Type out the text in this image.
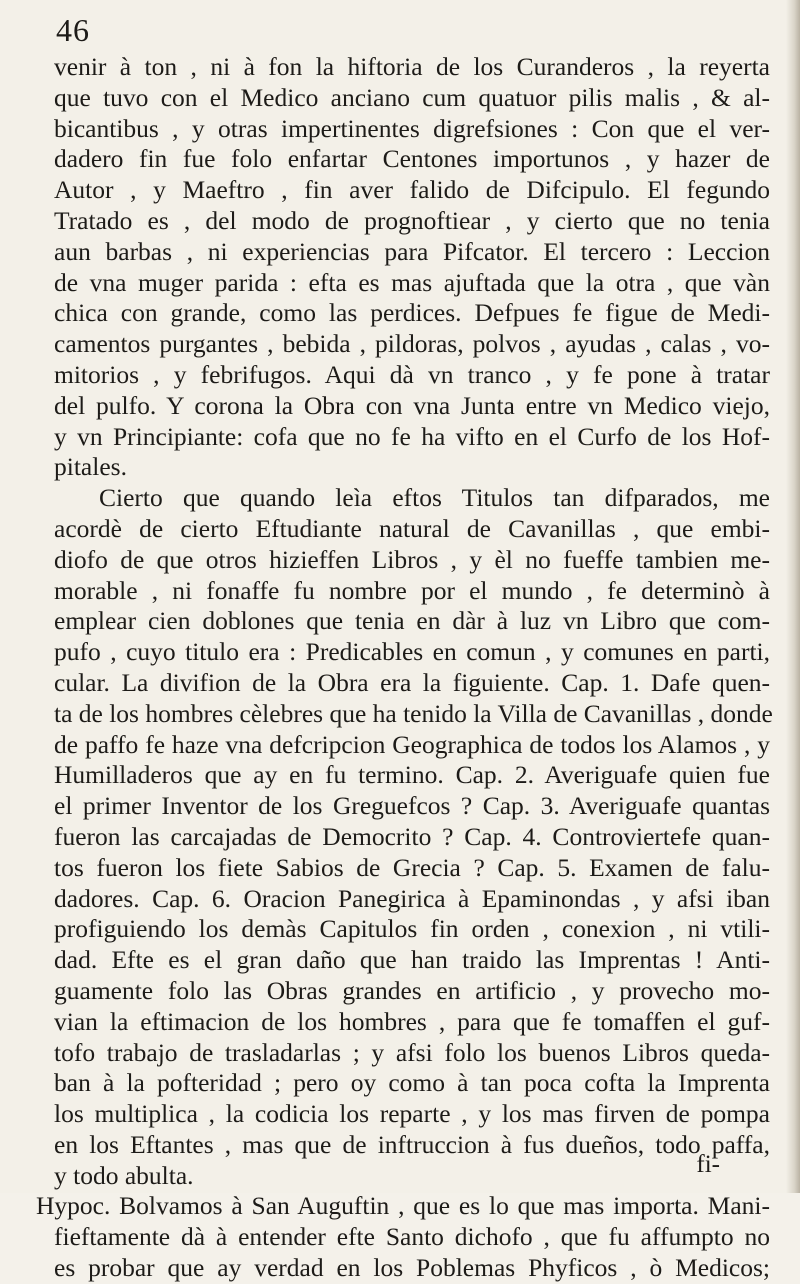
46
venir à ton , ni à fon la hiftoria de los Curanderos , la reyerta
que tuvo con el Medico anciano cum quatuor pilis malis , & al-
bicantibus , y otras impertinentes digrefsiones : Con que el ver-
dadero fin fue folo enfartar Centones importunos , y hazer de
Autor , y Maeftro , fin aver falido de Difcipulo. El fegundo
Tratado es , del modo de prognoftiear , y cierto que no tenia
aun barbas , ni experiencias para Pifcator. El tercero : Leccion
de vna muger parida : efta es mas ajuftada que la otra , que vàn
chica con grande, como las perdices. Defpues fe figue de Medi-
camentos purgantes , bebida , pildoras, polvos , ayudas , calas , vo-
mitorios , y febrifugos. Aqui dà vn tranco , y fe pone à tratar
del pulfo. Y corona la Obra con vna Junta entre vn Medico viejo,
y vn Principiante: cofa que no fe ha vifto en el Curfo de los Hof-
pitales.
Cierto que quando leìa eftos Titulos tan difparados, me
acordè de cierto Eftudiante natural de Cavanillas , que embi-
diofo de que otros hizieffen Libros , y èl no fueffe tambien me-
morable , ni fonaffe fu nombre por el mundo , fe determinò à
emplear cien doblones que tenia en dàr à luz vn Libro que com-
pufo , cuyo titulo era : Predicables en comun , y comunes en parti,
cular. La divifion de la Obra era la figuiente. Cap. 1. Dafe quen-
ta de los hombres cèlebres que ha tenido la Villa de Cavanillas , donde
de paffo fe haze vna defcripcion Geographica de todos los Alamos , y
Humilladeros que ay en fu termino. Cap. 2. Averiguafe quien fue
el primer Inventor de los Greguefcos ? Cap. 3. Averiguafe quantas
fueron las carcajadas de Democrito ? Cap. 4. Controviertefe quan-
tos fueron los fiete Sabios de Grecia ? Cap. 5. Examen de falu-
dadores. Cap. 6. Oracion Panegirica à Epaminondas , y afsi iban
profiguiendo los demàs Capitulos fin orden , conexion , ni vtili-
dad. Efte es el gran daño que han traido las Imprentas ! Anti-
guamente folo las Obras grandes en artificio , y provecho mo-
vian la eftimacion de los hombres , para que fe tomaffen el guf-
tofo trabajo de trasladarlas ; y afsi folo los buenos Libros queda-
ban à la pofteridad ; pero oy como à tan poca cofta la Imprenta
los multiplica , la codicia los reparte , y los mas firven de pompa
en los Eftantes , mas que de inftruccion à fus dueños, todo paffa,
y todo abulta.
Hypoc. Bolvamos à San Auguftin , que es lo que mas importa. Mani-
fieftamente dà à entender efte Santo dichofo , que fu affumpto no
es probar que ay verdad en los Poblemas Phyficos , ò Medicos;
fi-
